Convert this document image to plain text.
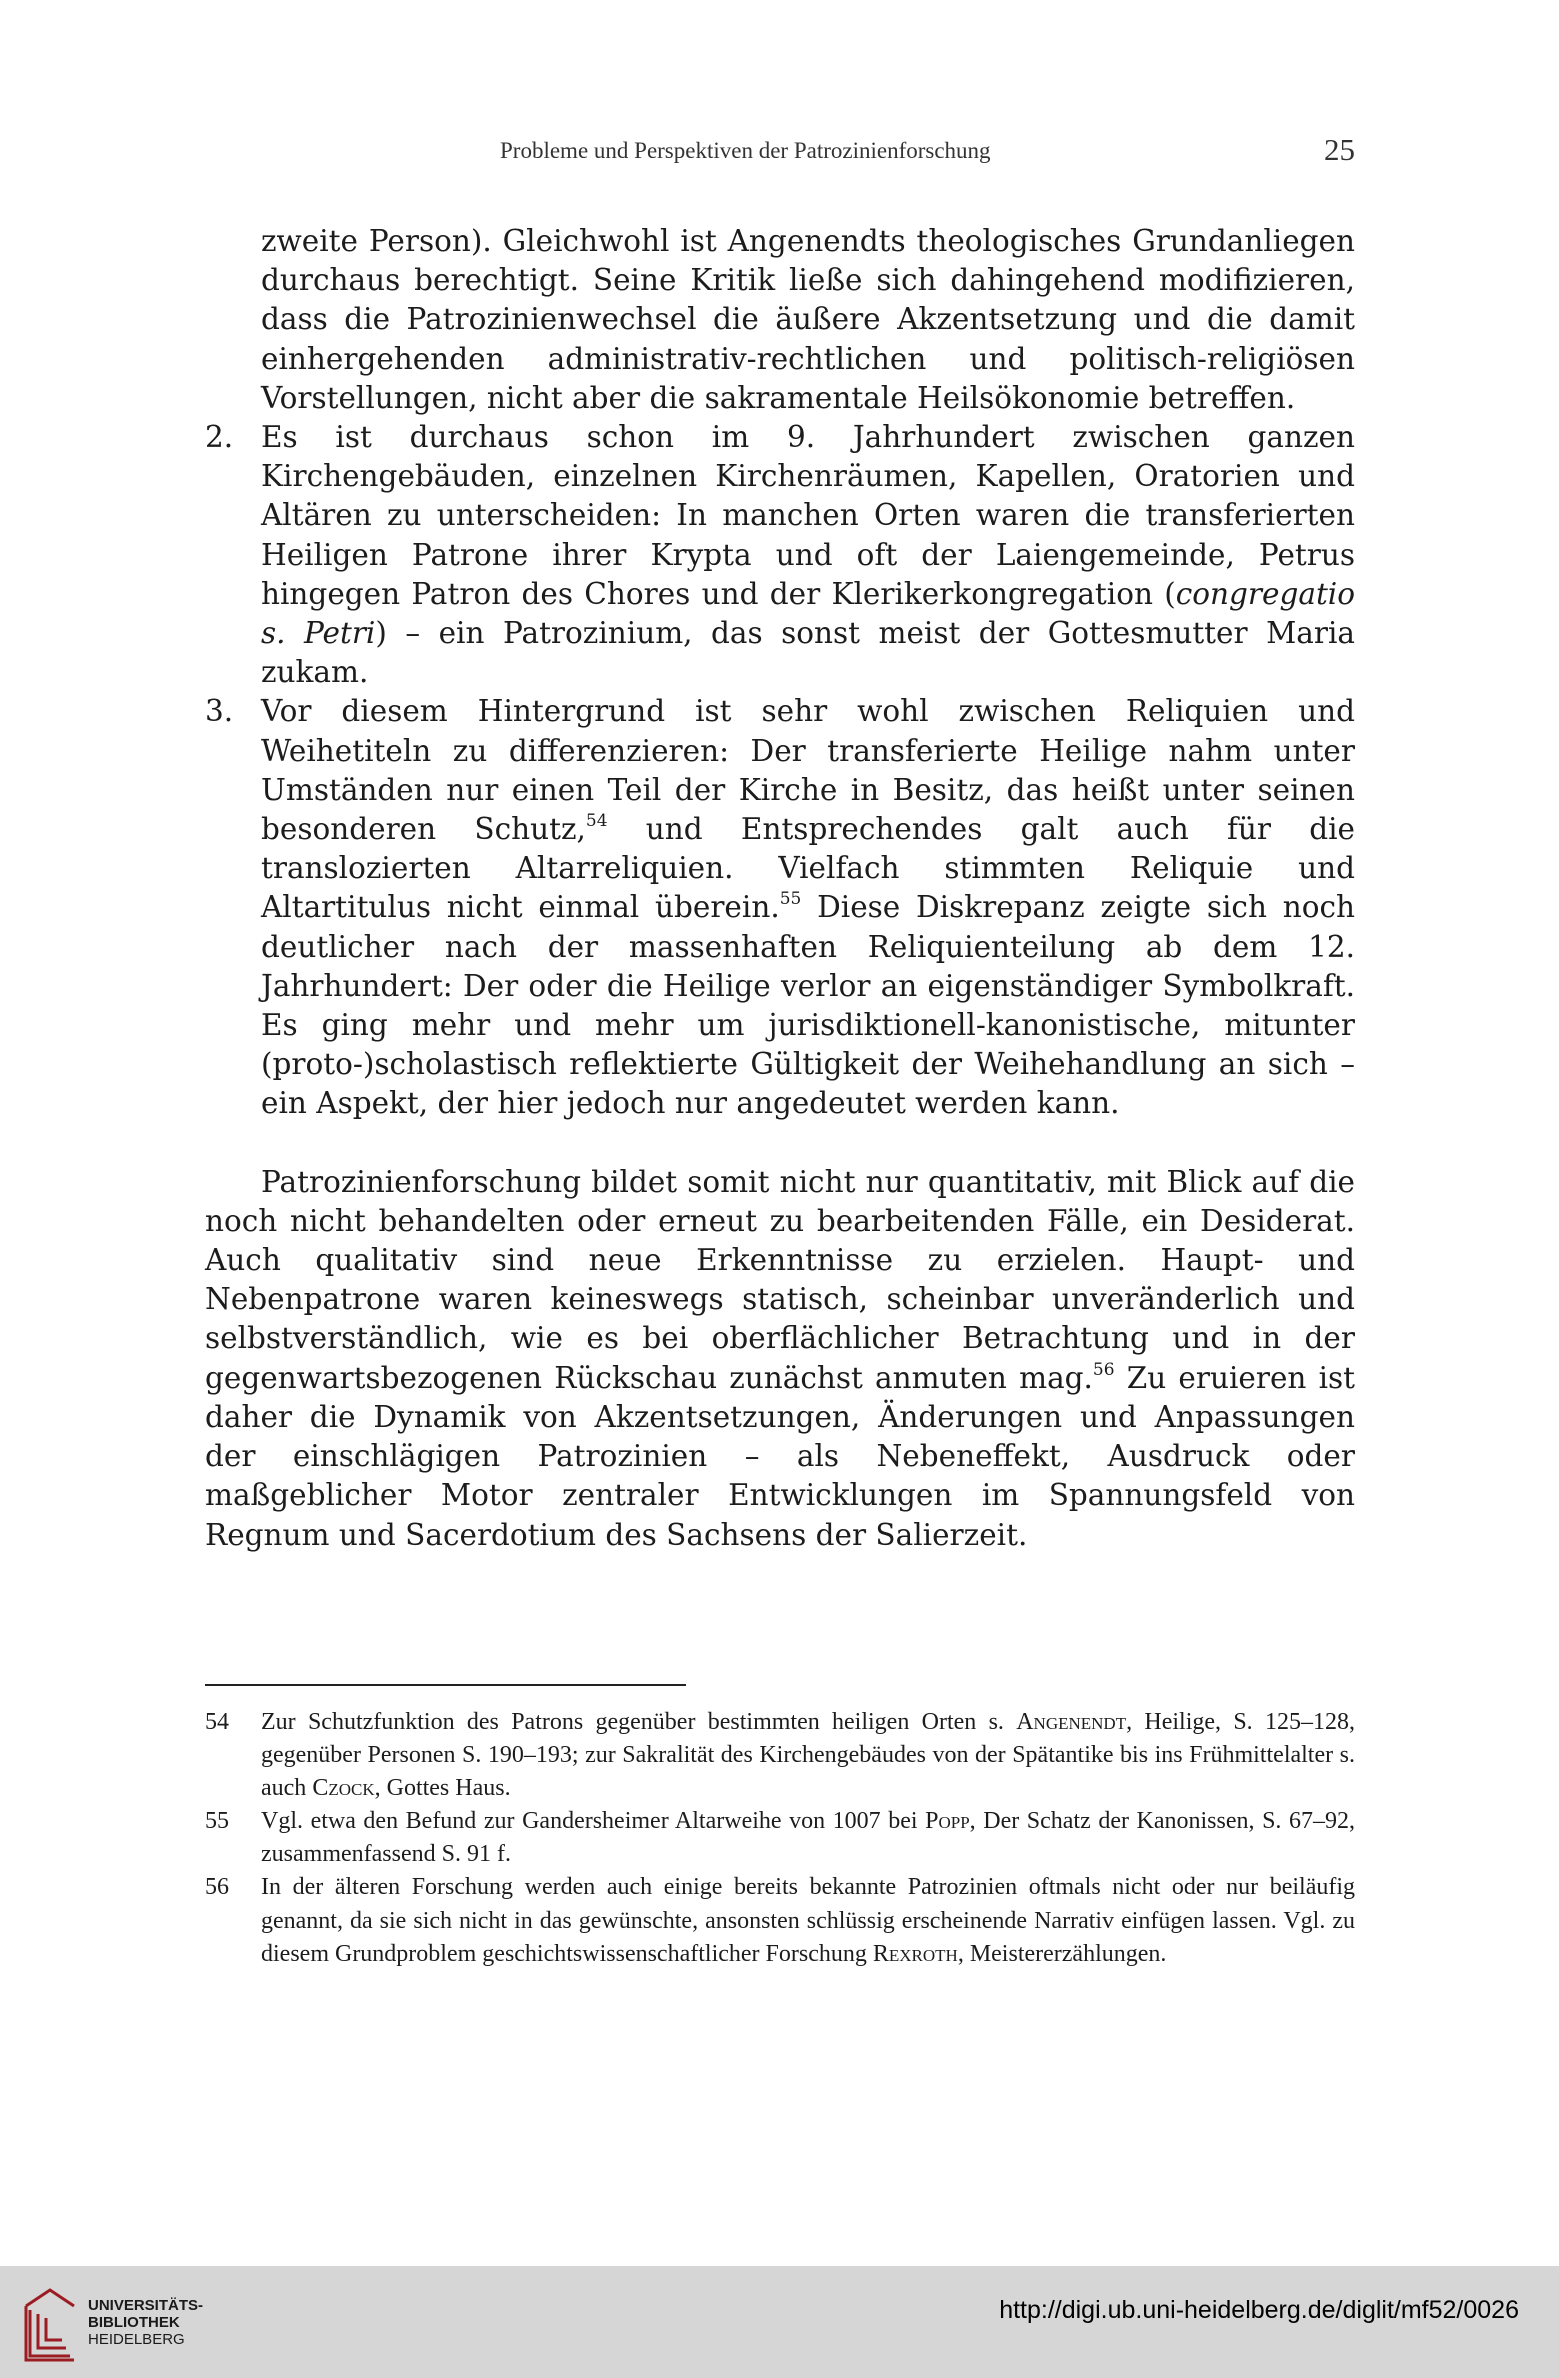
Probleme und Perspektiven der Patrozinienforschung	25

zweite Person). Gleichwohl ist Angenendts theologisches Grundanliegen durchaus berechtigt. Seine Kritik ließe sich dahingehend modifizieren, dass die Patrozinienwechsel die äußere Akzentsetzung und die damit einhergehenden administrativ-rechtlichen und politisch-religiösen Vorstellungen, nicht aber die sakramentale Heilsökonomie betreffen.

2. Es ist durchaus schon im 9. Jahrhundert zwischen ganzen Kirchengebäuden, einzelnen Kirchenräumen, Kapellen, Oratorien und Altären zu unterscheiden: In manchen Orten waren die transferierten Heiligen Patrone ihrer Krypta und oft der Laiengemeinde, Petrus hingegen Patron des Chores und der Klerikerkongregation (congregatio s. Petri) – ein Patrozinium, das sonst meist der Gottesmutter Maria zukam.

3. Vor diesem Hintergrund ist sehr wohl zwischen Reliquien und Weihetiteln zu differenzieren: Der transferierte Heilige nahm unter Umständen nur einen Teil der Kirche in Besitz, das heißt unter seinen besonderen Schutz,$^{54}$ und Entsprechendes galt auch für die translozierten Altarreliquien. Vielfach stimmten Reliquie und Altartitulus nicht einmal überein.$^{55}$ Diese Diskrepanz zeigte sich noch deutlicher nach der massenhaften Reliquienteilung ab dem 12. Jahrhundert: Der oder die Heilige verlor an eigenständiger Symbolkraft. Es ging mehr und mehr um jurisdiktionell-kanonistische, mitunter (proto-)scholastisch reflektierte Gültigkeit der Weihehandlung an sich – ein Aspekt, der hier jedoch nur angedeutet werden kann.

Patrozinienforschung bildet somit nicht nur quantitativ, mit Blick auf die noch nicht behandelten oder erneut zu bearbeitenden Fälle, ein Desiderat. Auch qualitativ sind neue Erkenntnisse zu erzielen. Haupt- und Nebenpatrone waren keineswegs statisch, scheinbar unveränderlich und selbstverständlich, wie es bei oberflächlicher Betrachtung und in der gegenwartsbezogenen Rückschau zunächst anmuten mag.$^{56}$ Zu eruieren ist daher die Dynamik von Akzentsetzungen, Änderungen und Anpassungen der einschlägigen Patrozinien – als Nebeneffekt, Ausdruck oder maßgeblicher Motor zentraler Entwicklungen im Spannungsfeld von Regnum und Sacerdotium des Sachsens der Salierzeit.

54 Zur Schutzfunktion des Patrons gegenüber bestimmten heiligen Orten s. Angenendt, Heilige, S. 125–128, gegenüber Personen S. 190–193; zur Sakralität des Kirchengebäudes von der Spätantike bis ins Frühmittelalter s. auch Czock, Gottes Haus.

55 Vgl. etwa den Befund zur Gandersheimer Altarweihe von 1007 bei Popp, Der Schatz der Kanonissen, S. 67–92, zusammenfassend S. 91 f.

56 In der älteren Forschung werden auch einige bereits bekannte Patrozinien oftmals nicht oder nur beiläufig genannt, da sie sich nicht in das gewünschte, ansonsten schlüssig erscheinende Narrativ einfügen lassen. Vgl. zu diesem Grundproblem geschichtswissenschaftlicher Forschung Rexroth, Meistererzählungen.

UNIVERSITÄTS-
BIBLIOTHEK
HEIDELBERG
http://digi.ub.uni-heidelberg.de/diglit/mf52/0026
